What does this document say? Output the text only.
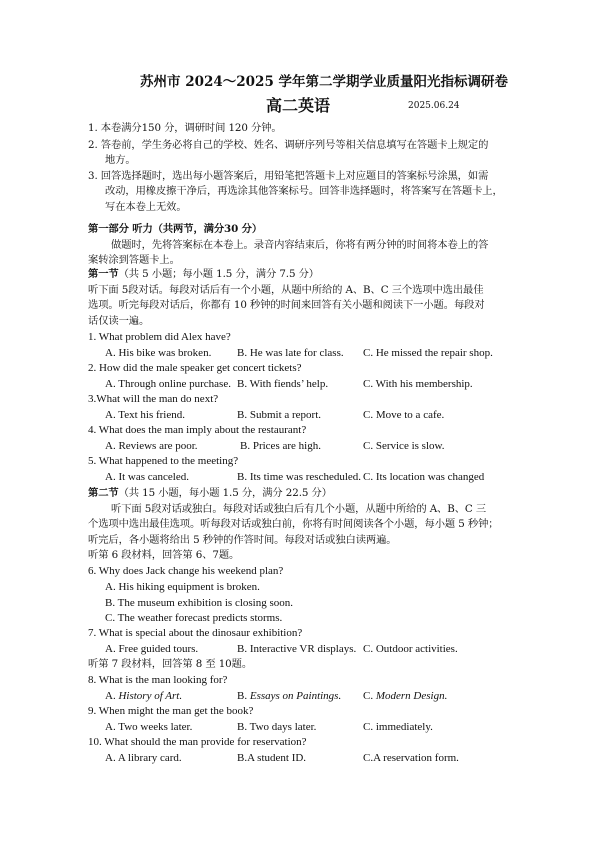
苏州市 2024～2025 学年第二学期学业质量阳光指标调研卷
高二英语	2025.06.24
1. 本卷满分150 分，调研时间 120 分钟。
2. 答卷前，学生务必将自己的学校、姓名、调研序列号等相关信息填写在答题卡上规定的
地方。
3. 回答选择题时，选出每小题答案后，用铅笔把答题卡上对应题目的答案标号涂黑，如需
改动，用橡皮擦干净后，再选涂其他答案标号。回答非选择题时，将答案写在答题卡上，
写在本卷上无效。
第一部分 听力（共两节，满分30 分）
做题时，先将答案标在本卷上。录音内容结束后，你将有两分钟的时间将本卷上的答
案转涂到答题卡上。
第一节（共 5 小题；每小题 1.5 分，满分 7.5 分）
听下面 5段对话。每段对话后有一个小题，从题中所给的 A、B、C 三个选项中选出最佳
选项。听完每段对话后，你都有 10 秒钟的时间来回答有关小题和阅读下一小题。每段对
话仅读一遍。
1. What problem did Alex have?
A. His bike was broken. B. He was late for class. C. He missed the repair shop.
2. How did the male speaker get concert tickets?
A. Through online purchase. B. With fiends’ help.	C. With his membership.
3.What will the man do next?
A. Text his friend.	B. Submit a report.	C. Move to a cafe.
4. What does the man imply about the restaurant?
A. Reviews are poor.	B. Prices are high.	C. Service is slow.
5. What happened to the meeting?
A. It was canceled.	B. Its time was rescheduled. C. Its location was changed
第二节（共 15 小题，每小题 1.5 分，满分 22.5 分）
听下面 5段对话或独白。每段对话或独白后有几个小题，从题中所给的 A、B、C 三
个选项中选出最佳选项。听每段对话或独白前，你将有时间阅读各个小题，每小题 5 秒钟；
听完后，各小题将给出 5 秒钟的作答时间。每段对话或独白读两遍。
听第 6 段材料，回答第 6、7题。
6. Why does Jack change his weekend plan?
A. His hiking equipment is broken.
B. The museum exhibition is closing soon.
C. The weather forecast predicts storms.
7. What is special about the dinosaur exhibition?
A. Free guided tours.	B. Interactive VR displays. C. Outdoor activities.
听第 7 段材料，回答第 8 至 10题。
8. What is the man looking for?
A. History of Art.	B. Essays on Paintings. C. Modern Design.
9. When might the man get the book?
A. Two weeks later.	B. Two days later.	C. immediately.
10. What should the man provide for reservation?
A. A library card.	B.A student ID.	C.A reservation form.
